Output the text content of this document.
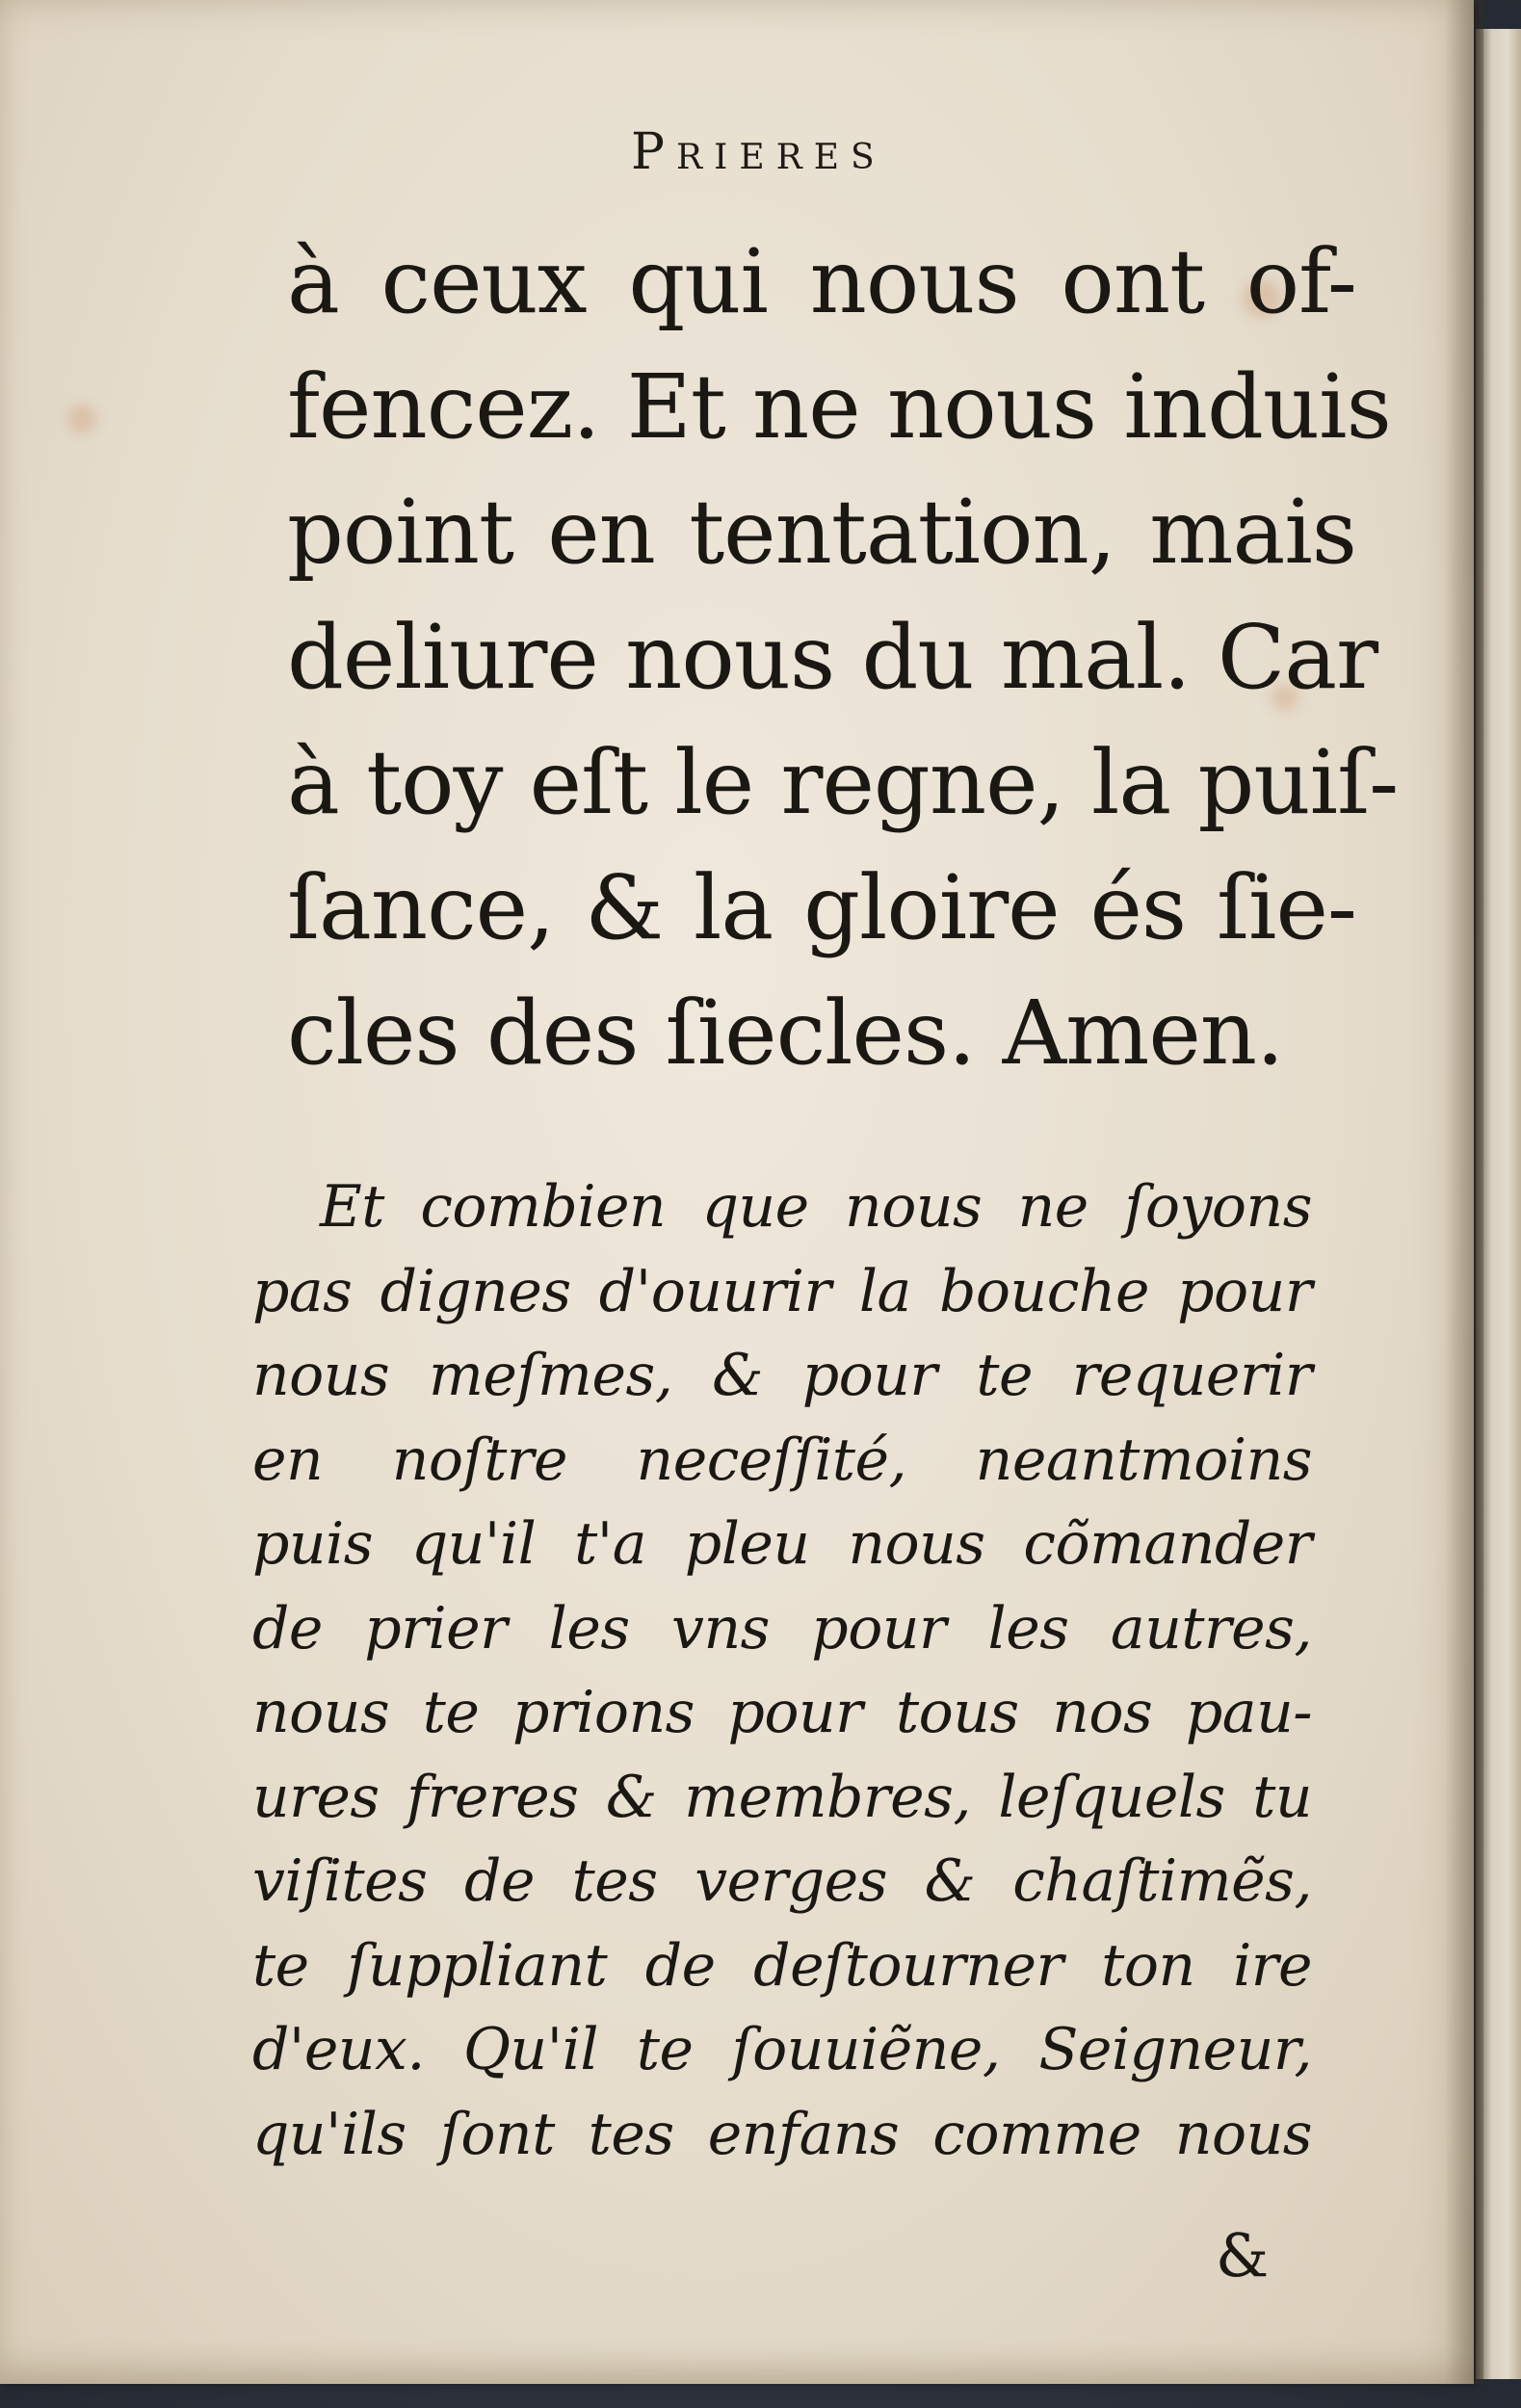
Prieres
à ceux qui nous ont of-
fencez. Et ne nous induis
point en tentation, mais
deliure nous du mal. Car
à toy eſt le regne, la puiſ-
ſance, & la gloire és ſie-
cles des ſiecles. Amen.
Et combien que nous ne ſoyons
pas dignes d'ouurir la bouche pour
nous meſmes, & pour te requerir
en noſtre neceſſité, neantmoins
puis qu'il t'a pleu nous cõmander
de prier les vns pour les autres,
nous te prions pour tous nos pau-
ures freres & membres, leſquels tu
viſites de tes verges & chaſtimẽs,
te ſuppliant de deſtourner ton ire
d'eux. Qu'il te ſouuiẽne, Seigneur,
qu'ils ſont tes enfans comme nous
&
